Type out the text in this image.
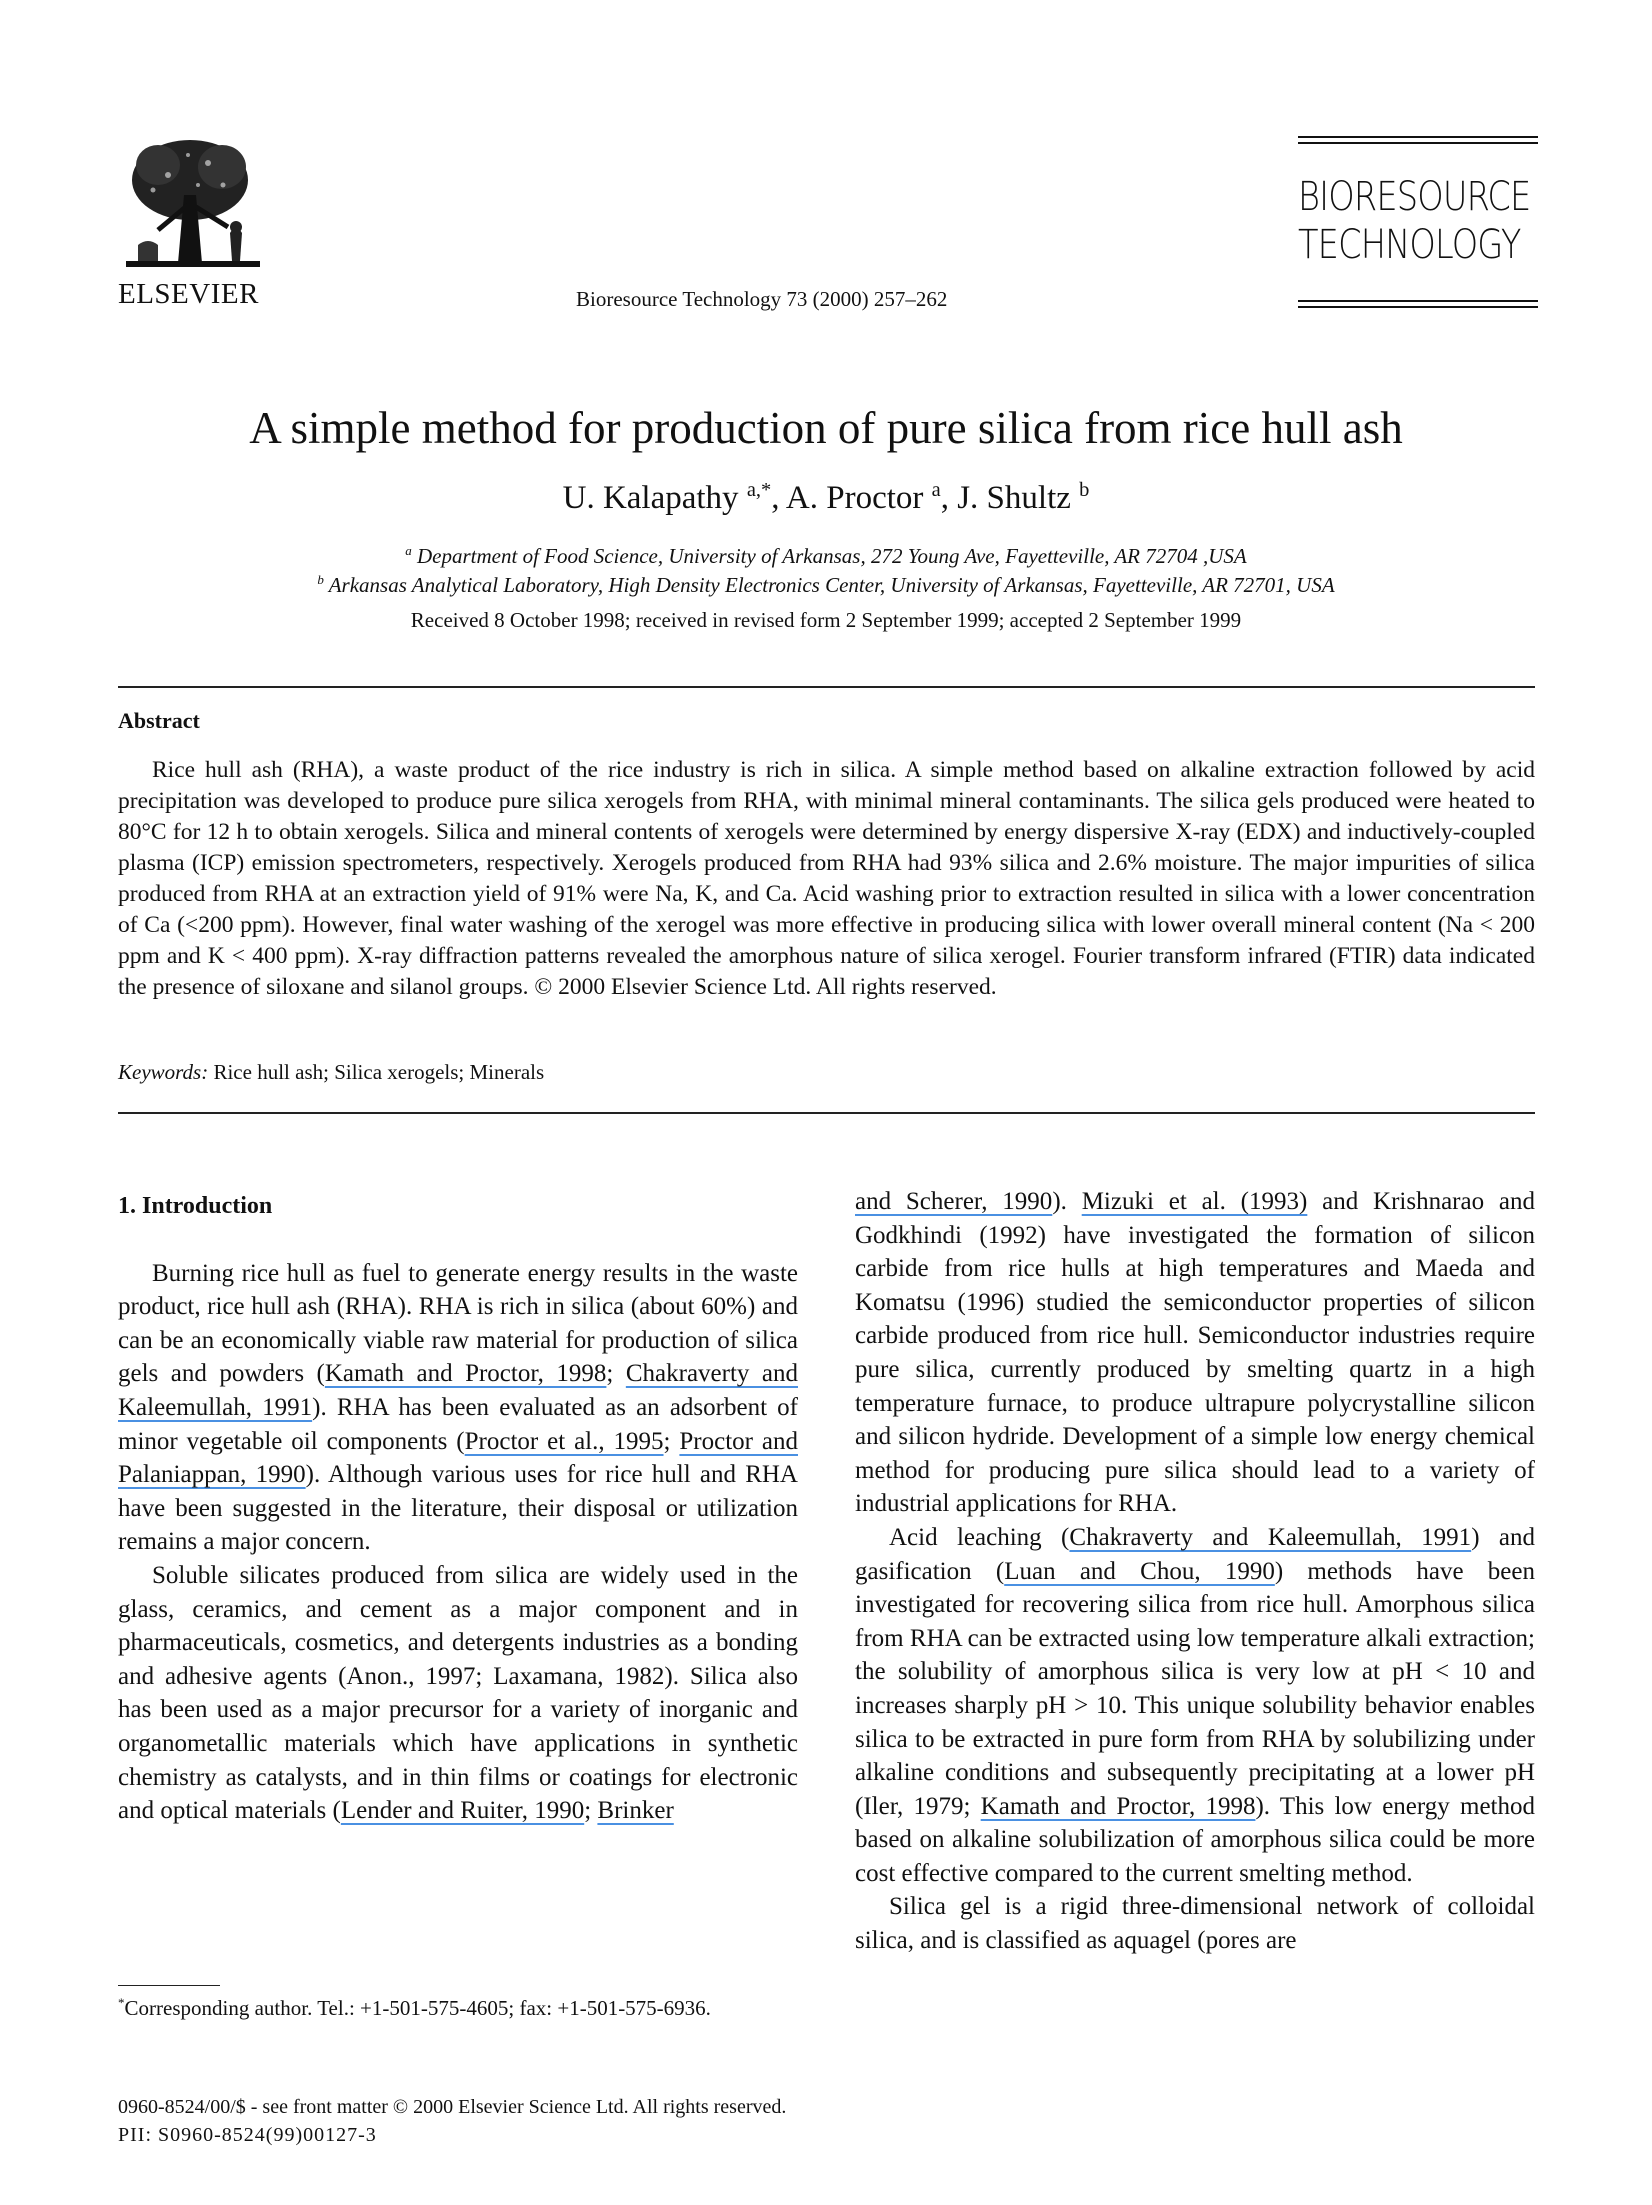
ELSEVIER	Bioresource Technology 73 (2000) 257–262
BIORESOURCE
TECHNOLOGY
A simple method for production of pure silica from rice hull ash
U. Kalapathy $^{a,*}$, A. Proctor $^a$, J. Shultz $^b$
$^a$ Department of Food Science, University of Arkansas, 272 Young Ave, Fayetteville, AR 72704 ,USA
$^b$ Arkansas Analytical Laboratory, High Density Electronics Center, University of Arkansas, Fayetteville, AR 72701, USA
Received 8 October 1998; received in revised form 2 September 1999; accepted 2 September 1999
Abstract
Rice hull ash (RHA), a waste product of the rice industry is rich in silica. A simple method based on alkaline extraction followed by acid precipitation was developed to produce pure silica xerogels from RHA, with minimal mineral contaminants. The silica gels produced were heated to 80°C for 12 h to obtain xerogels. Silica and mineral contents of xerogels were determined by energy dispersive X-ray (EDX) and inductively-coupled plasma (ICP) emission spectrometers, respectively. Xerogels produced from RHA had 93% silica and 2.6% moisture. The major impurities of silica produced from RHA at an extraction yield of 91% were Na, K, and Ca. Acid washing prior to extraction resulted in silica with a lower concentration of Ca (<200 ppm). However, final water washing of the xerogel was more effective in producing silica with lower overall mineral content (Na < 200 ppm and K < 400 ppm). X-ray diffraction patterns revealed the amorphous nature of silica xerogel. Fourier transform infrared (FTIR) data indicated the presence of siloxane and silanol groups. © 2000 Elsevier Science Ltd. All rights reserved.
Keywords: Rice hull ash; Silica xerogels; Minerals
1. Introduction

Burning rice hull as fuel to generate energy results in the waste product, rice hull ash (RHA). RHA is rich in silica (about 60%) and can be an economically viable raw material for production of silica gels and powders (Kamath and Proctor, 1998; Chakraverty and Kaleemullah, 1991). RHA has been evaluated as an adsorbent of minor vegetable oil components (Proctor et al., 1995; Proctor and Palaniappan, 1990). Although various uses for rice hull and RHA have been suggested in the literature, their disposal or utilization remains a major concern.

Soluble silicates produced from silica are widely used in the glass, ceramics, and cement as a major component and in pharmaceuticals, cosmetics, and detergents industries as a bonding and adhesive agents (Anon., 1997; Laxamana, 1982). Silica also has been used as a major precursor for a variety of inorganic and organometallic materials which have applications in synthetic chemistry as catalysts, and in thin films or coatings for electronic and optical materials (Lender and Ruiter, 1990; Brinker

and Scherer, 1990). Mizuki et al. (1993) and Krishnarao and Godkhindi (1992) have investigated the formation of silicon carbide from rice hulls at high temperatures and Maeda and Komatsu (1996) studied the semiconductor properties of silicon carbide produced from rice hull. Semiconductor industries require pure silica, currently produced by smelting quartz in a high temperature furnace, to produce ultrapure polycrystalline silicon and silicon hydride. Development of a simple low energy chemical method for producing pure silica should lead to a variety of industrial applications for RHA.

Acid leaching (Chakraverty and Kaleemullah, 1991) and gasification (Luan and Chou, 1990) methods have been investigated for recovering silica from rice hull. Amorphous silica from RHA can be extracted using low temperature alkali extraction; the solubility of amorphous silica is very low at pH < 10 and increases sharply pH > 10. This unique solubility behavior enables silica to be extracted in pure form from RHA by solubilizing under alkaline conditions and subsequently precipitating at a lower pH (Iler, 1979; Kamath and Proctor, 1998). This low energy method based on alkaline solubilization of amorphous silica could be more cost effective compared to the current smelting method.

Silica gel is a rigid three-dimensional network of colloidal silica, and is classified as aquagel (pores are

*Corresponding author. Tel.: +1-501-575-4605; fax: +1-501-575-6936.
0960-8524/00/$ - see front matter © 2000 Elsevier Science Ltd. All rights reserved.
PII: S0960-8524(99)00127-3
